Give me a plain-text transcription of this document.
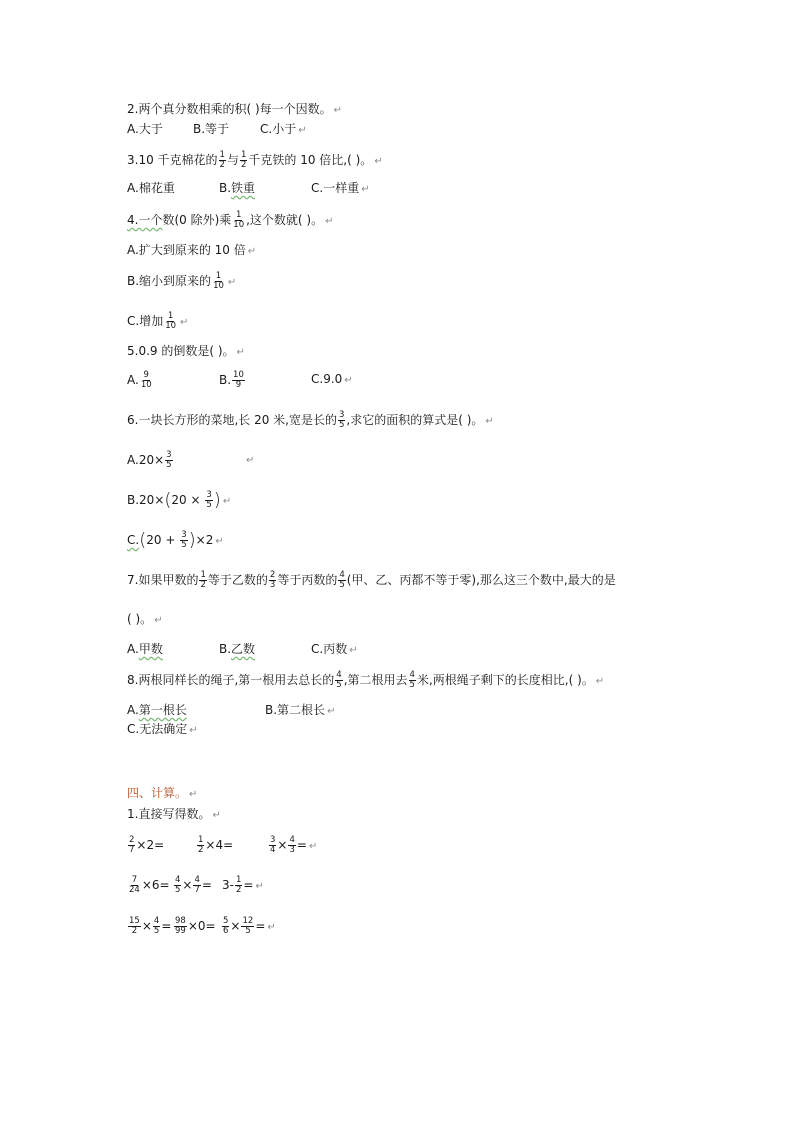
2.两个真分数相乘的积( )每一个因数。 ↵
A.大于	B.等于	C.小于 ↵
3.10 千克棉花的 $\frac{1}{2}$ 与 $\frac{1}{2}$ 千克铁的 10 倍比,( )。 ↵
A.棉花重	B.铁重	C.一样重 ↵
4.一个数(0 除外)乘 $\frac{1}{10}$ ,这个数就( )。 ↵
A.扩大到原来的 10 倍 ↵
B.缩小到原来的 $\frac{1}{10}$ ↵
C.增加 $\frac{1}{10}$ ↵
5.0.9 的倒数是( )。 ↵
A. $\frac{9}{10}$	B. $\frac{10}{9}$	C.9.0 ↵
6.一块长方形的菜地,长 20 米,宽是长的 $\frac{3}{5}$ ,求它的面积的算式是( )。 ↵
$A.20\times \frac{3}{5}$	↵
$B.20\times(20 \times \frac{3}{5}$ ) ↵
$C.(20 + \frac{3}{5} )\times 2$ ↵
7.如果甲数的 $\frac{1}{2}$ 等于乙数的 $\frac{2}{3}$ 等于丙数的 $\frac{4}{5}$ (甲、乙、丙都不等于零),那么这三个数中,最大的是
( )。 ↵
A.甲数	B.乙数	C.丙数 ↵
8.两根同样长的绳子,第一根用去总长的 $\frac{4}{5}$ ,第二根用去 $\frac{4}{5}$ 米,两根绳子剩下的长度相比,( )。 ↵
A.第一根长	B.第二根长 ↵
C.无法确定 ↵
四、计算。 ↵
1.直接写得数。 ↵
$\frac{2}{7} \times 2=$	$\frac{1}{2} \times 4=$	$\frac{3}{4} \times \frac{4}{3}$ = ↵
$\frac{7}{24} \times 6= \frac{4}{5} \times \frac{4}{7} = 3- \frac{1}{2}$ = ↵
$\frac{15}{2} \times \frac{4}{5} = \frac{98}{99} \times 0= \frac{5}{6} \times \frac{12}{5}$ = ↵
